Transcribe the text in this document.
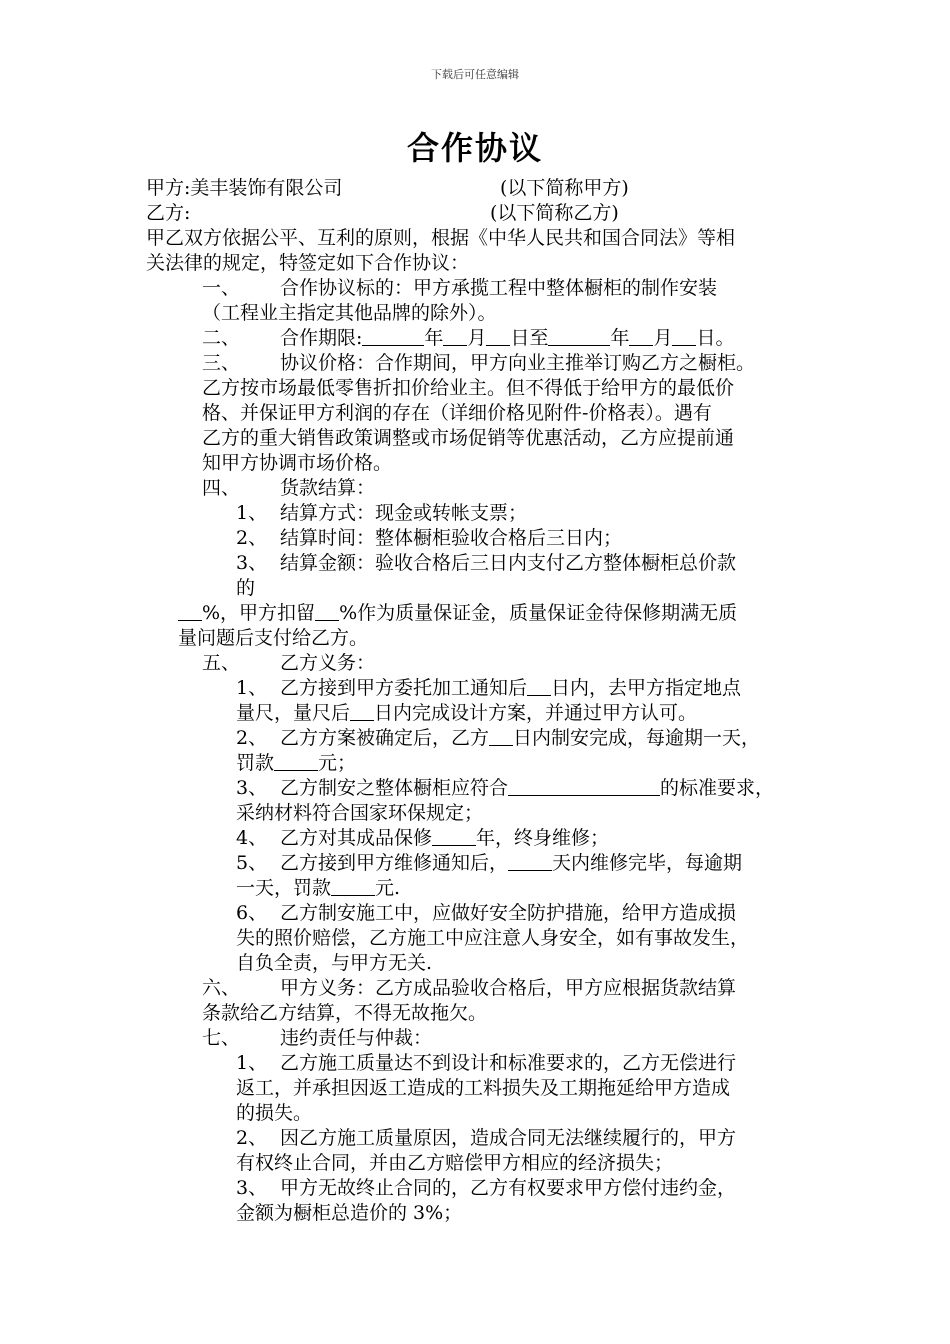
下载后可任意编辑
合作协议
甲方:美丰装饰有限公司	(以下简称甲方)
乙方:	(以下简称乙方)
甲乙双方依据公平、互利的原则，根据《中华人民共和国合同法》等相
关法律的规定，特签定如下合作协议：
一、 合作协议标的：甲方承揽工程中整体橱柜的制作安装
（工程业主指定其他品牌的除外）。
二、 合作期限:	年 月 日至	年 月 日。
三、 协议价格：合作期间，甲方向业主推举订购乙方之橱柜。
乙方按市场最低零售折扣价给业主。但不得低于给甲方的最低价
格、并保证甲方利润的存在（详细价格见附件-价格表）。遇有
乙方的重大销售政策调整或市场促销等优惠活动，乙方应提前通
知甲方协调市场价格。
四、 货款结算：
1、 结算方式：现金或转帐支票；
2、 结算时间：整体橱柜验收合格后三日内；
3、 结算金额：验收合格后三日内支付乙方整体橱柜总价款
的
%，甲方扣留 %作为质量保证金，质量保证金待保修期满无质
量问题后支付给乙方。
五、 乙方义务：
1、 乙方接到甲方委托加工通知后 日内，去甲方指定地点
量尺，量尺后 日内完成设计方案，并通过甲方认可。
2、 乙方方案被确定后，乙方 日内制安完成，每逾期一天，
罚款 元；
3、 乙方制安之整体橱柜应符合	的标准要求，
采纳材料符合国家环保规定；
4、 乙方对其成品保修 年，终身维修；
5、 乙方接到甲方维修通知后， 天内维修完毕，每逾期
一天，罚款 元.
6、 乙方制安施工中，应做好安全防护措施，给甲方造成损
失的照价赔偿，乙方施工中应注意人身安全，如有事故发生，
自负全责，与甲方无关.
六、 甲方义务：乙方成品验收合格后，甲方应根据货款结算
条款给乙方结算，不得无故拖欠。
七、 违约责任与仲裁：
1、 乙方施工质量达不到设计和标准要求的，乙方无偿进行
返工，并承担因返工造成的工料损失及工期拖延给甲方造成
的损失。
2、 因乙方施工质量原因，造成合同无法继续履行的，甲方
有权终止合同，并由乙方赔偿甲方相应的经济损失；
3、 甲方无故终止合同的，乙方有权要求甲方偿付违约金，
金额为橱柜总造价的 3%；
